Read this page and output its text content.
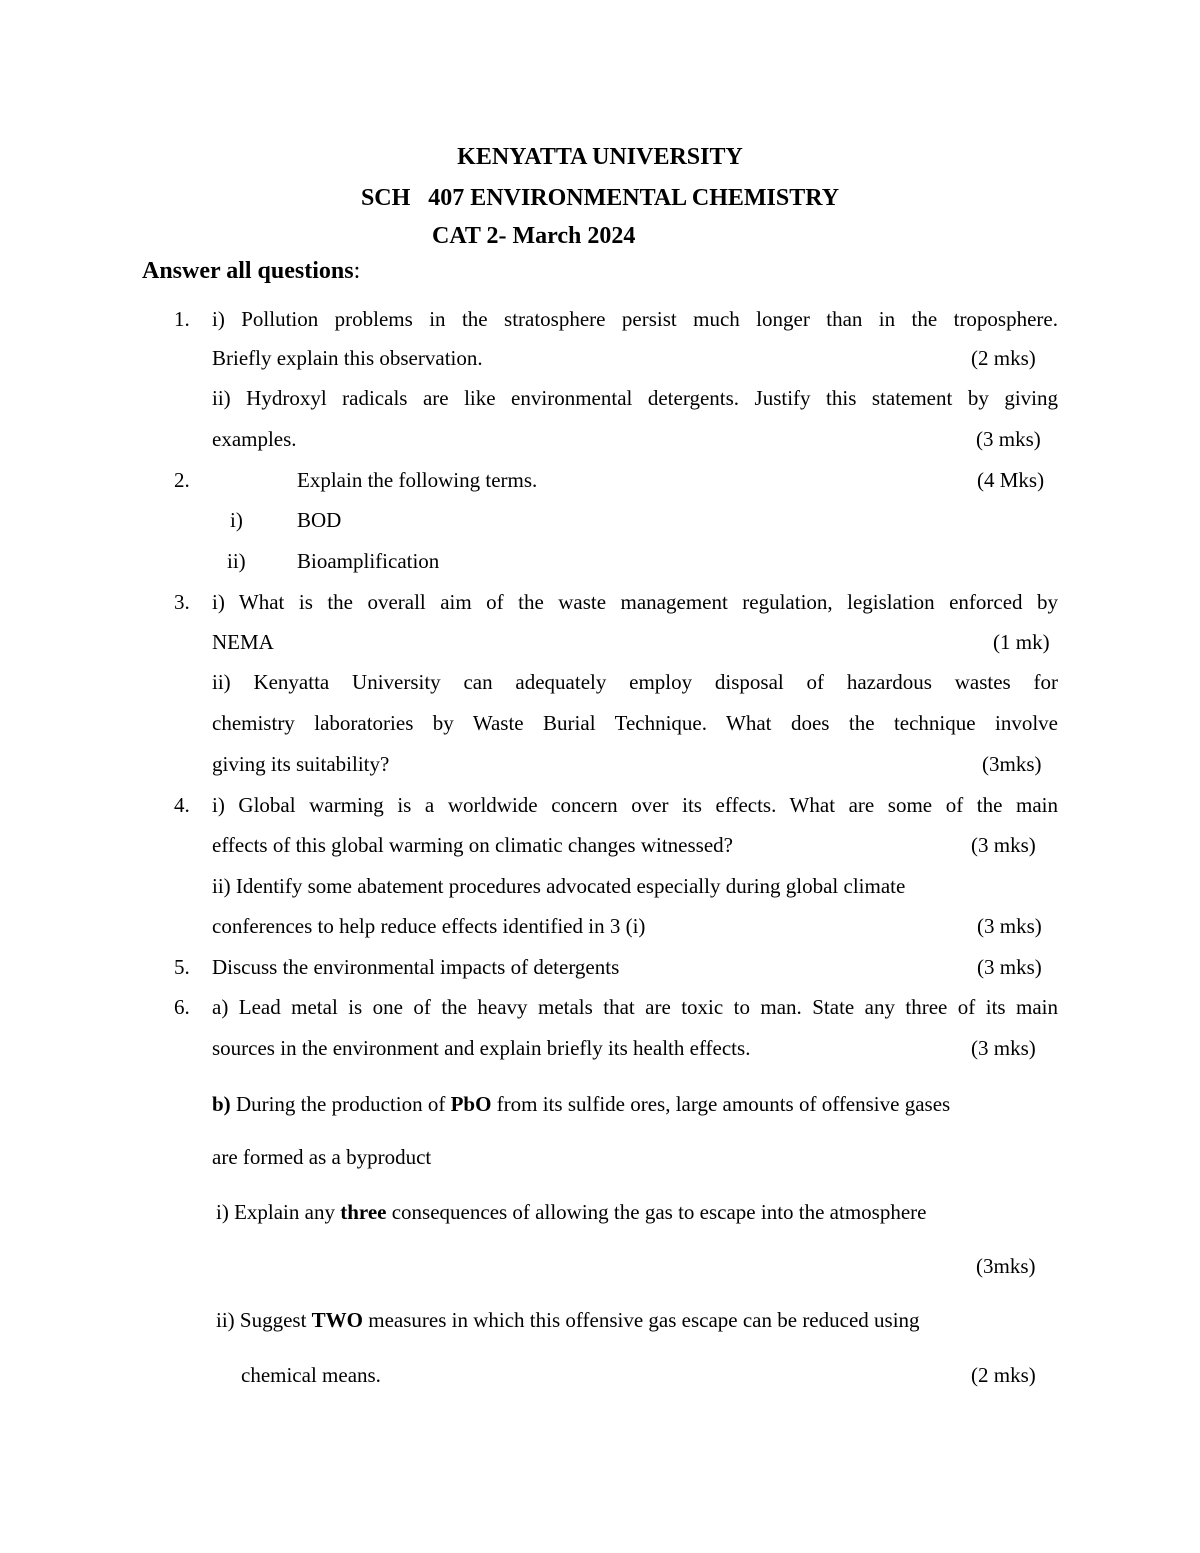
KENYATTA UNIVERSITY
SCH   407 ENVIRONMENTAL CHEMISTRY
CAT 2- March 2024
Answer all questions:
1. i) Pollution problems in the stratosphere persist much longer than in the troposphere.
Briefly explain this observation.	(2 mks)
ii) Hydroxyl radicals are like environmental detergents. Justify this statement by giving
examples.	(3 mks)
2.	Explain the following terms.	(4 Mks)
i)	BOD
ii) Bioamplification
3. i) What is the overall aim of the waste management regulation, legislation enforced by
NEMA	(1 mk)
ii) Kenyatta University can adequately employ disposal of hazardous wastes for
chemistry laboratories by Waste Burial Technique. What does the technique involve
giving its suitability?	(3mks)
4. i) Global warming is a worldwide concern over its effects. What are some of the main
effects of this global warming on climatic changes witnessed?	(3 mks)
ii) Identify some abatement procedures advocated especially during global climate
conferences to help reduce effects identified in 3 (i)	(3 mks)
5. Discuss the environmental impacts of detergents	(3 mks)
6. a) Lead metal is one of the heavy metals that are toxic to man. State any three of its main
sources in the environment and explain briefly its health effects.	(3 mks)
b) During the production of PbO from its sulfide ores, large amounts of offensive gases
are formed as a byproduct
i) Explain any three consequences of allowing the gas to escape into the atmosphere
(3mks)
ii) Suggest TWO measures in which this offensive gas escape can be reduced using
chemical means.	(2 mks)
